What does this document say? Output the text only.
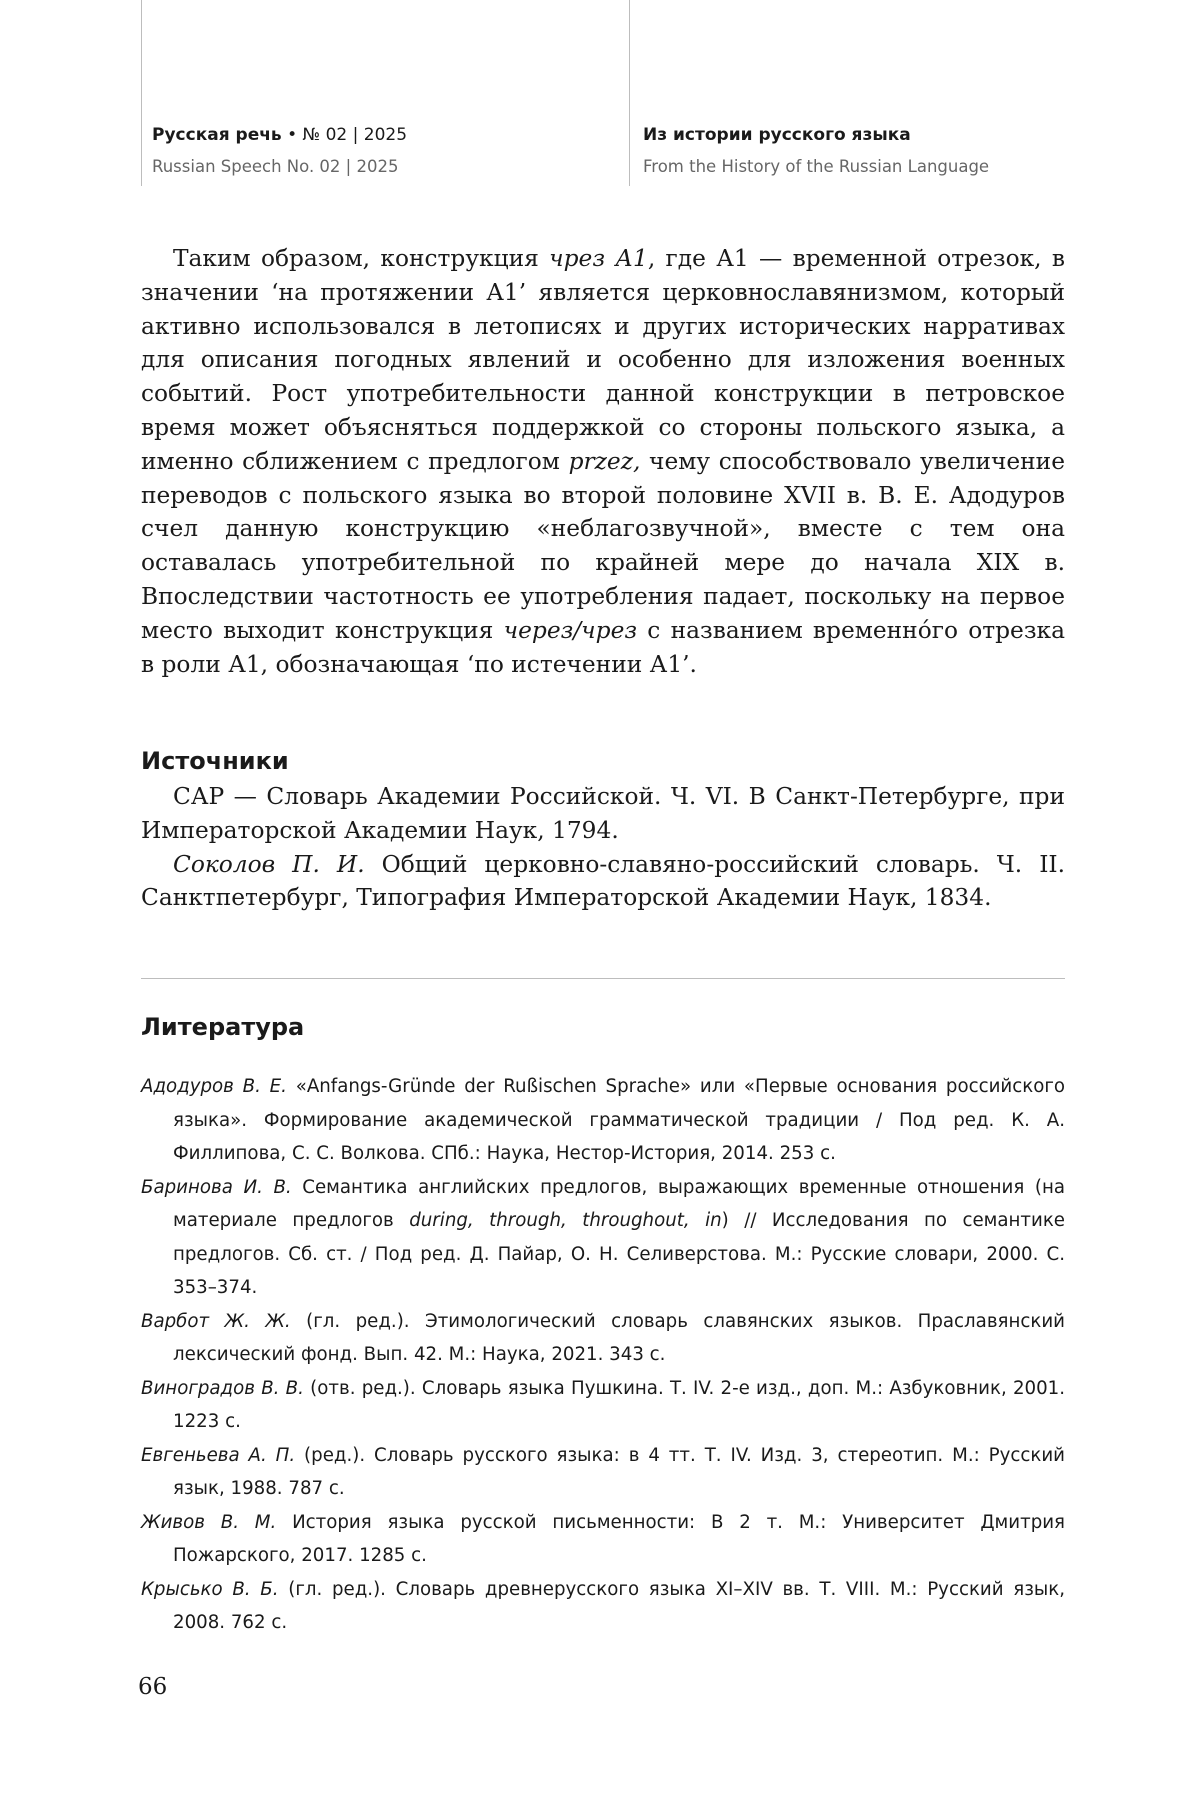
Русская речь • № 02 | 2025
Russian Speech No. 02 | 2025
Из истории русского языка
From the History of the Russian Language

Таким образом, конструкция чрез А1, где А1 — временной отрезок, в значении ‘на протяжении А1’ является церковнославянизмом, который активно использовался в летописях и других исторических нарративах для описания погодных явлений и особенно для изложения военных событий. Рост употребительности данной конструкции в петровское время может объясняться поддержкой со стороны польского языка, а именно сближением с предлогом przez, чему способствовало увеличение переводов с польского языка во второй половине XVII в. В. Е. Адодуров счел данную конструкцию «неблагозвучной», вместе с тем она оставалась употребительной по крайней мере до начала XIX в. Впоследствии частотность ее употребления падает, поскольку на первое место выходит конструкция через/чрез с названием временно́го отрезка в роли А1, обозначающая ‘по истечении А1’.

Источники

САР — Словарь Академии Российской. Ч. VI. В Санкт-Петербурге, при Императорской Академии Наук, 1794.

Соколов П. И. Общий церковно-славяно-российский словарь. Ч. II. Санктпетербург, Типография Императорской Академии Наук, 1834.

Литература

Адодуров В. Е. «Anfangs-Gründe der Rußischen Sprache» или «Первые основания российского языка». Формирование академической грамматической традиции / Под ред. К. А. Филлипова, С. С. Волкова. СПб.: Наука, Нестор-История, 2014. 253 с.

Баринова И. В. Семантика английских предлогов, выражающих временные отношения (на материале предлогов during, through, throughout, in) // Исследования по семантике предлогов. Сб. ст. / Под ред. Д. Пайар, О. Н. Селиверстова. М.: Русские словари, 2000. С. 353–374.

Варбот Ж. Ж. (гл. ред.). Этимологический словарь славянских языков. Праславянский лексический фонд. Вып. 42. М.: Наука, 2021. 343 с.

Виноградов В. В. (отв. ред.). Словарь языка Пушкина. Т. IV. 2-е изд., доп. М.: Азбуковник, 2001. 1223 с.

Евгеньева А. П. (ред.). Словарь русского языка: в 4 тт. Т. IV. Изд. 3, стереотип. М.: Русский язык, 1988. 787 с.

Живов В. М. История языка русской письменности: В 2 т. М.: Университет Дмитрия Пожарского, 2017. 1285 с.

Крысько В. Б. (гл. ред.). Словарь древнерусского языка XI–XIV вв. Т. VIII. М.: Русский язык, 2008. 762 с.

66
